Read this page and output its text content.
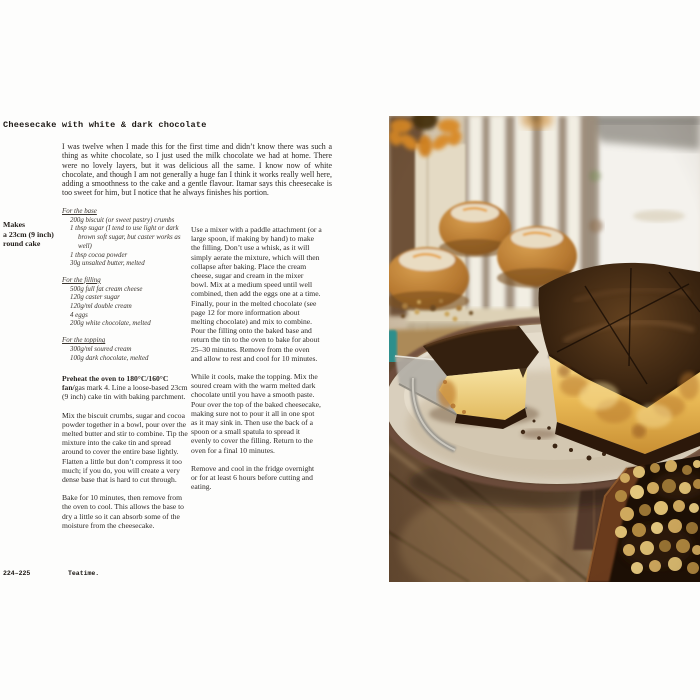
Cheesecake with white & dark chocolate

I was twelve when I made this for the first time and didn’t know there was such a thing as white chocolate, so I just used the milk chocolate we had at home. There were no lovely layers, but it was delicious all the same. I know now of white chocolate, and though I am not generally a huge fan I think it works really well here, adding a smoothness to the cake and a gentle flavour. Itamar says this cheesecake is too sweet for him, but I notice that he always finishes his portion.

Makes
a 23cm (9 inch)
round cake
For the base
200g biscuit (or sweet pastry) crumbs
1 tbsp sugar (I tend to use light or dark brown soft sugar, but caster works as well)
1 tbsp cocoa powder
30g unsalted butter, melted
For the filling
500g full fat cream cheese
120g caster sugar
120g/ml double cream
4 eggs
200g white chocolate, melted
For the topping
300g/ml soured cream
100g dark chocolate, melted

Preheat the oven to 180°C/160°C fan/gas mark 4. Line a loose-based 23cm (9 inch) cake tin with baking parchment.

Mix the biscuit crumbs, sugar and cocoa powder together in a bowl, pour over the melted butter and stir to combine. Tip the mixture into the cake tin and spread around to cover the entire base lightly. Flatten a little but don’t compress it too much; if you do, you will create a very dense base that is hard to cut through.

Bake for 10 minutes, then remove from the oven to cool. This allows the base to dry a little so it can absorb some of the moisture from the cheesecake.

Use a mixer with a paddle attachment (or a large spoon, if making by hand) to make the filling. Don’t use a whisk, as it will simply aerate the mixture, which will then collapse after baking. Place the cream cheese, sugar and cream in the mixer bowl. Mix at a medium speed until well combined, then add the eggs one at a time. Finally, pour in the melted chocolate (see page 12 for more information about melting chocolate) and mix to combine. Pour the filling onto the baked base and return the tin to the oven to bake for about 25–30 minutes. Remove from the oven and allow to rest and cool for 10 minutes.

While it cools, make the topping. Mix the soured cream with the warm melted dark chocolate until you have a smooth paste. Pour over the top of the baked cheesecake, making sure not to pour it all in one spot as it may sink in. Then use the back of a spoon or a small spatula to spread it evenly to cover the filling. Return to the oven for a final 10 minutes.

Remove and cool in the fridge overnight or for at least 6 hours before cutting and eating.

224–225	Teatime.
